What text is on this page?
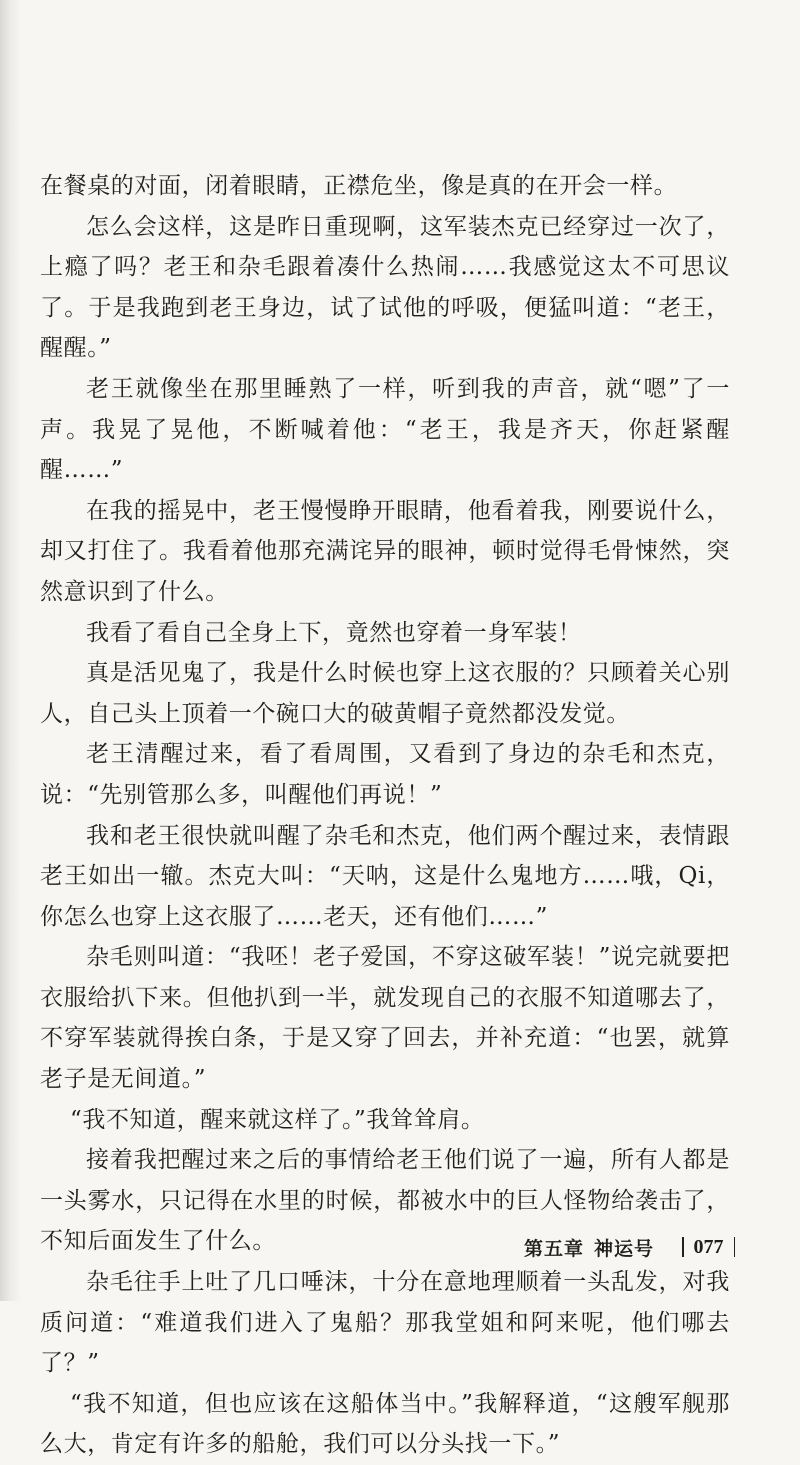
在餐桌的对面，闭着眼睛，正襟危坐，像是真的在开会一样。

怎么会这样，这是昨日重现啊，这军装杰克已经穿过一次了，上瘾了吗？老王和杂毛跟着凑什么热闹……我感觉这太不可思议了。于是我跑到老王身边，试了试他的呼吸，便猛叫道：“老王，醒醒。”

老王就像坐在那里睡熟了一样，听到我的声音，就“嗯”了一声。我晃了晃他，不断喊着他：“老王，我是齐天，你赶紧醒醒……”

在我的摇晃中，老王慢慢睁开眼睛，他看着我，刚要说什么，却又打住了。我看着他那充满诧异的眼神，顿时觉得毛骨悚然，突然意识到了什么。

我看了看自己全身上下，竟然也穿着一身军装！

真是活见鬼了，我是什么时候也穿上这衣服的？只顾着关心别人，自己头上顶着一个碗口大的破黄帽子竟然都没发觉。

老王清醒过来，看了看周围，又看到了身边的杂毛和杰克，说：“先别管那么多，叫醒他们再说！”

我和老王很快就叫醒了杂毛和杰克，他们两个醒过来，表情跟老王如出一辙。杰克大叫：“天呐，这是什么鬼地方……哦，Qi，你怎么也穿上这衣服了……老天，还有他们……”

杂毛则叫道：“我呸！老子爱国，不穿这破军装！”说完就要把衣服给扒下来。但他扒到一半，就发现自己的衣服不知道哪去了，不穿军装就得挨白条，于是又穿了回去，并补充道：“也罢，就算老子是无间道。”

“我不知道，醒来就这样了。”我耸耸肩。

接着我把醒过来之后的事情给老王他们说了一遍，所有人都是一头雾水，只记得在水里的时候，都被水中的巨人怪物给袭击了，不知后面发生了什么。

杂毛往手上吐了几口唾沫，十分在意地理顺着一头乱发，对我质问道：“难道我们进入了鬼船？那我堂姐和阿来呢，他们哪去了？”

“我不知道，但也应该在这船体当中。”我解释道，“这艘军舰那么大，肯定有许多的船舱，我们可以分头找一下。”

第五章 神运号 077
